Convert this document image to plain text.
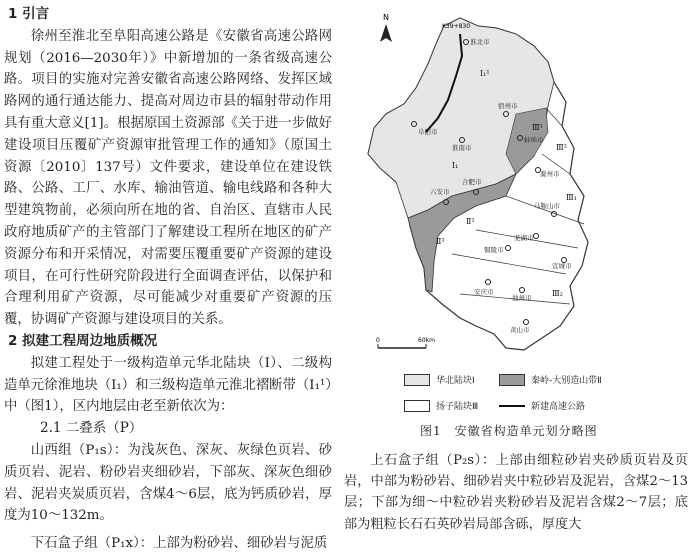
1 引言

徐州至淮北至阜阳高速公路是《安徽省高速公路网规划（2016—2030年）》中新增加的一条省级高速公路。项目的实施对完善安徽省高速公路网络、发挥区域路网的通行通达能力、提高对周边市县的辐射带动作用具有重大意义[1]。根据原国土资源部《关于进一步做好建设项目压覆矿产资源审批管理工作的通知》（原国土资源〔2010〕137号）文件要求，建设单位在建设铁路、公路、工厂、水库、输油管道、输电线路和各种大型建筑物前，必须向所在地的省、自治区、直辖市人民政府地质矿产的主管部门了解建设工程所在地区的矿产资源分布和开采情况，对需要压覆重要矿产资源的建设项目，在可行性研究阶段进行全面调查评估，以保护和合理利用矿产资源，尽可能减少对重要矿产资源的压覆，协调矿产资源与建设项目的关系。

2 拟建工程周边地质概况

拟建工程处于一级构造单元华北陆块（Ⅰ）、二级构造单元徐淮地块（Ⅰ₁）和三级构造单元淮北褶断带（Ⅰ₁¹）中（图1），区内地层由老至新依次为：

2.1 二叠系（P）

山西组（P₁s）：为浅灰色、深灰、灰绿色页岩、砂质页岩、泥岩、粉砂岩夹细砂岩，下部灰、深灰色细砂岩、泥岩夹炭质页岩，含煤4～6层，底为钙质砂岩，厚度为10～132m。

下石盒子组（P₁x）：上部为粉砂岩、细砂岩与泥质

淮北市
阜阳市
淮南市
宿州市
蚌埠市
滁州市
合肥市
六安市
马鞍山市
芜湖市
铜陵市
宣城市
安庆市
池州市
黄山市
Ⅰ₁¹
Ⅰ₁
Ⅲ¹
Ⅲ²
Ⅱ¹
Ⅱ²
Ⅲ₁
Ⅲ₂
K39+830
N
0	60km
华北陆块Ⅰ	秦岭-大别造山带Ⅱ
扬子陆块Ⅲ	新建高速公路
图1　安徽省构造单元划分略图

上石盒子组（P₂s）：上部由细粒砂岩夹砂质页岩及页岩，中部为粉砂岩、细砂岩夹中粒砂岩及泥岩，含煤2～13层；下部为细～中粒砂岩夹粉砂岩及泥岩含煤2～7层；底部为粗粒长石石英砂岩局部含砾，厚度大
